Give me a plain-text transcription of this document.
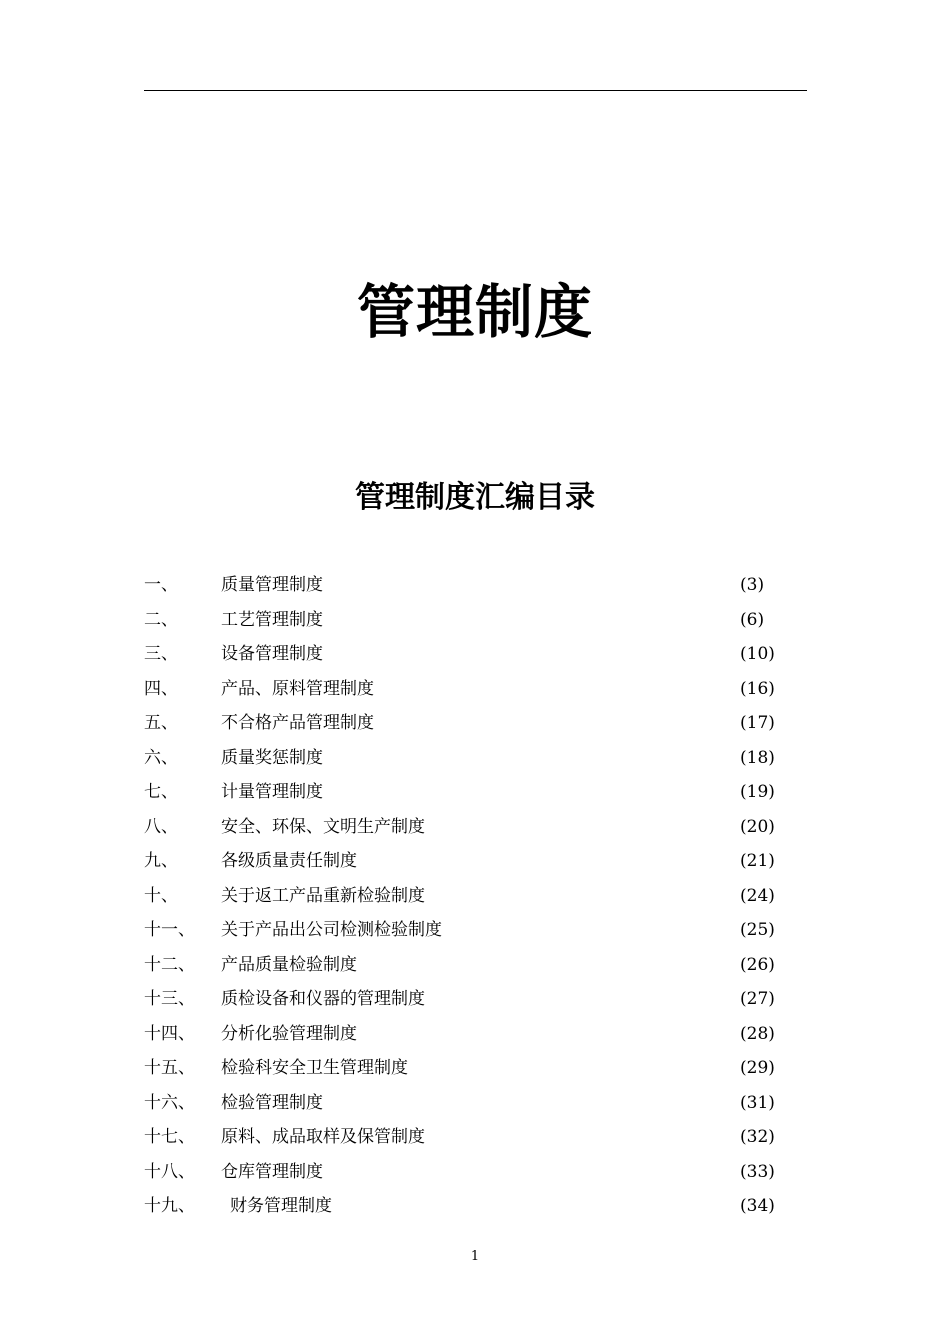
管理制度
管理制度汇编目录
一、	质量管理制度	(3)
二、	工艺管理制度	(6)
三、	设备管理制度	(10)
四、	产品、原料管理制度	(16)
五、	不合格产品管理制度	(17)
六、	质量奖惩制度	(18)
七、	计量管理制度	(19)
八、	安全、环保、文明生产制度	(20)
九、	各级质量责任制度	(21)
十、	关于返工产品重新检验制度	(24)
十一、 关于产品出公司检测检验制度	(25)
十二、 产品质量检验制度	(26)
十三、 质检设备和仪器的管理制度	(27)
十四、 分析化验管理制度	(28)
十五、 检验科安全卫生管理制度	(29)
十六、 检验管理制度	(31)
十七、 原料、成品取样及保管制度	(32)
十八、 仓库管理制度	(33)
十九、 财务管理制度	(34)
1
